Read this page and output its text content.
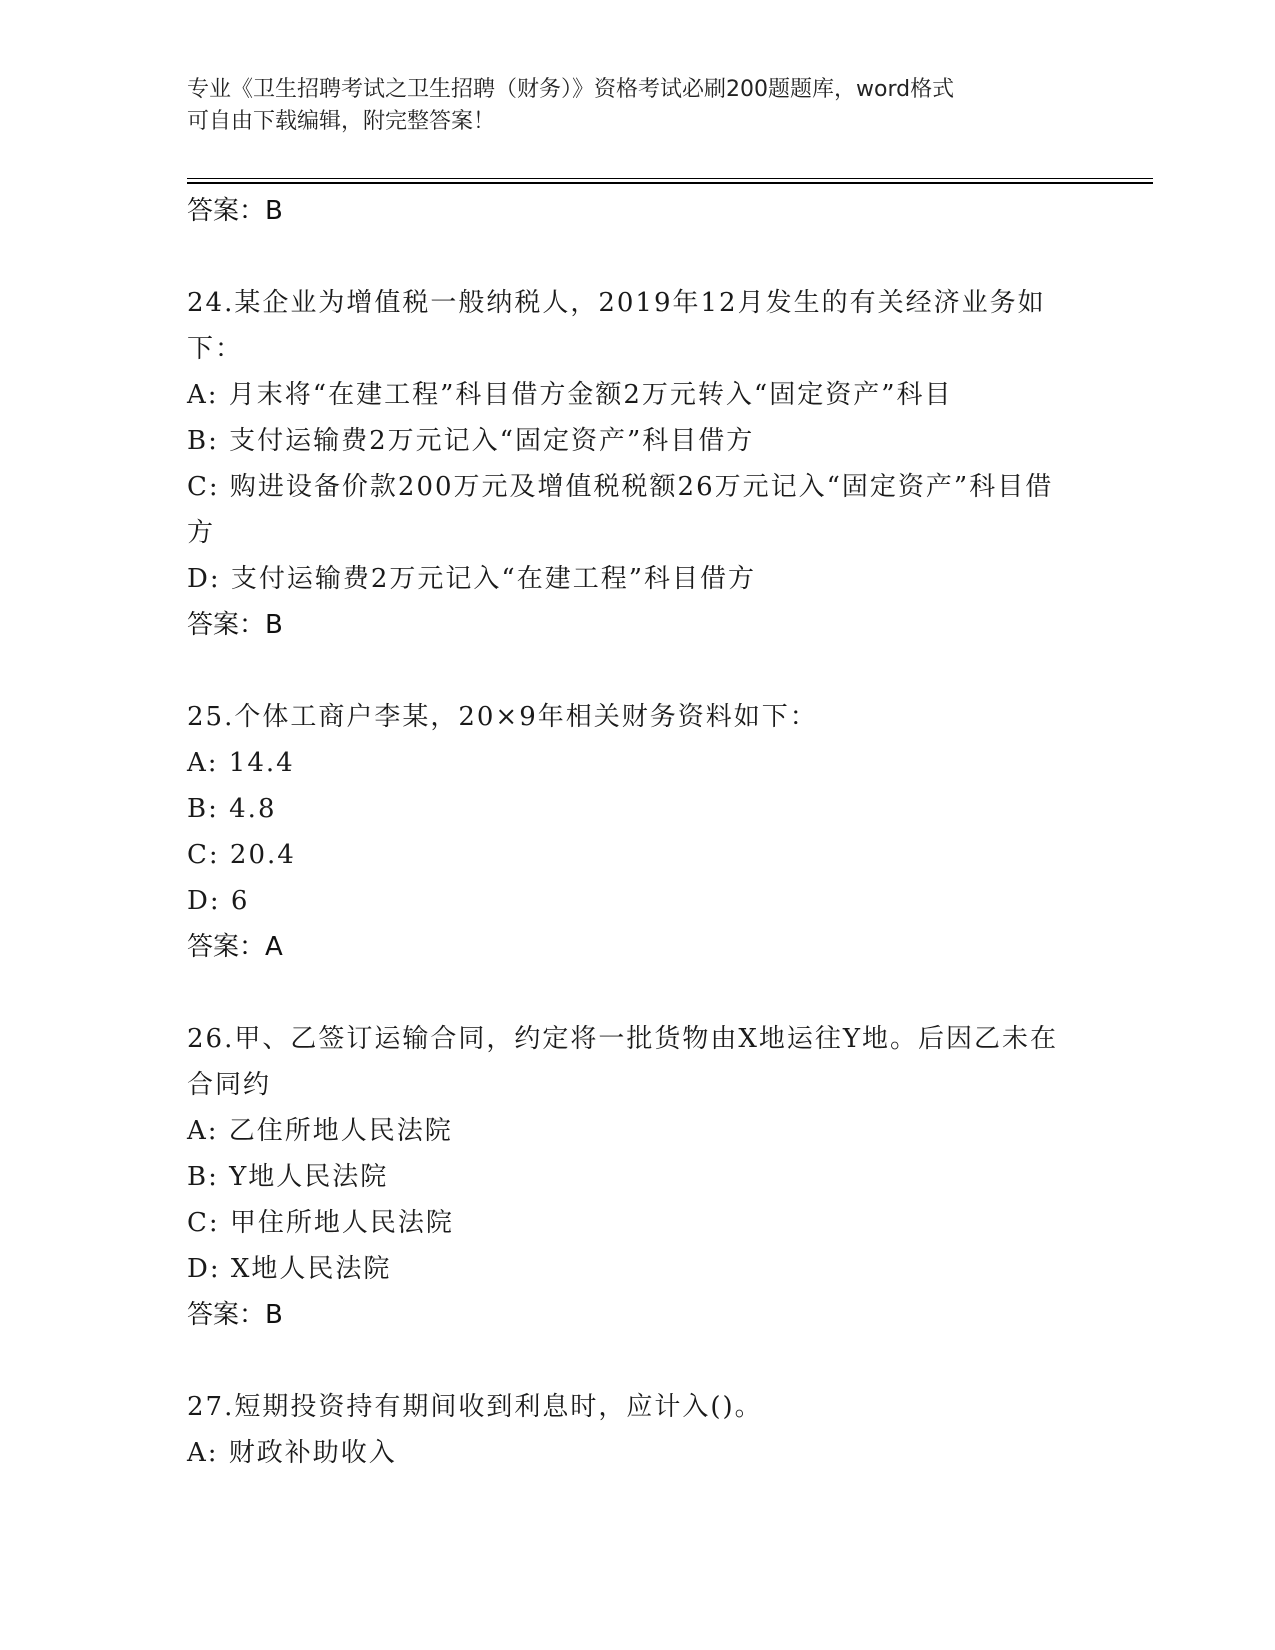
专业《卫生招聘考试之卫生招聘（财务）》资格考试必刷200题题库，word格式
可自由下载编辑，附完整答案！
答案：B
24.某企业为增值税一般纳税人，2019年12月发生的有关经济业务如下：
A: 月末将“在建工程”科目借方金额2万元转入“固定资产”科目
B: 支付运输费2万元记入“固定资产”科目借方
C: 购进设备价款200万元及增值税税额26万元记入“固定资产”科目借方
D: 支付运输费2万元记入“在建工程”科目借方
答案：B
25.个体工商户李某，20×9年相关财务资料如下：
A: 14.4
B: 4.8
C: 20.4
D: 6
答案：A
26.甲、乙签订运输合同，约定将一批货物由X地运往Y地。后因乙未在合同约
A: 乙住所地人民法院
B: Y地人民法院
C: 甲住所地人民法院
D: X地人民法院
答案：B
27.短期投资持有期间收到利息时，应计入()。
A: 财政补助收入
